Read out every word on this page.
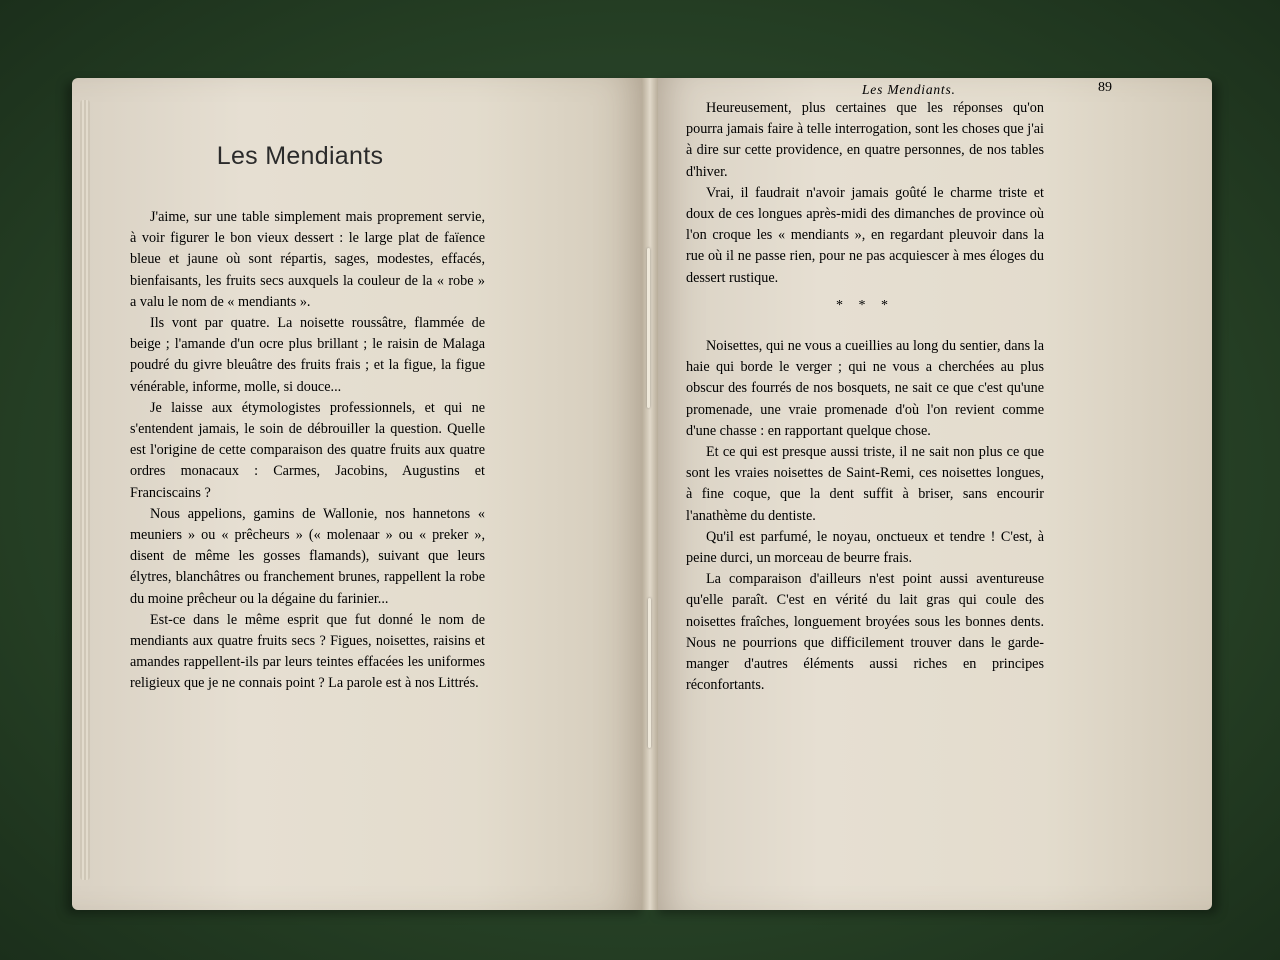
Les Mendiants

J'aime, sur une table simplement mais proprement servie, à voir figurer le bon vieux dessert : le large plat de faïence bleue et jaune où sont répartis, sages, modestes, effacés, bienfaisants, les fruits secs auxquels la couleur de la « robe » a valu le nom de « mendiants ».

Ils vont par quatre. La noisette roussâtre, flammée de beige ; l'amande d'un ocre plus brillant ; le raisin de Malaga poudré du givre bleuâtre des fruits frais ; et la figue, la figue vénérable, informe, molle, si douce...

Je laisse aux étymologistes professionnels, et qui ne s'entendent jamais, le soin de débrouiller la question. Quelle est l'origine de cette comparaison des quatre fruits aux quatre ordres monacaux : Carmes, Jacobins, Augustins et Franciscains ?

Nous appelions, gamins de Wallonie, nos hannetons « meuniers » ou « prêcheurs » (« molenaar » ou « preker », disent de même les gosses flamands), suivant que leurs élytres, blanchâtres ou franchement brunes, rappellent la robe du moine prêcheur ou la dégaine du farinier...

Est-ce dans le même esprit que fut donné le nom de mendiants aux quatre fruits secs ? Figues, noisettes, raisins et amandes rappellent-ils par leurs teintes effacées les uniformes religieux que je ne connais point ? La parole est à nos Littrés.

Les Mendiants.	89

Heureusement, plus certaines que les réponses qu'on pourra jamais faire à telle interrogation, sont les choses que j'ai à dire sur cette providence, en quatre personnes, de nos tables d'hiver.

Vrai, il faudrait n'avoir jamais goûté le charme triste et doux de ces longues après-midi des dimanches de province où l'on croque les « mendiants », en regardant pleuvoir dans la rue où il ne passe rien, pour ne pas acquiescer à mes éloges du dessert rustique.

* * *

Noisettes, qui ne vous a cueillies au long du sentier, dans la haie qui borde le verger ; qui ne vous a cherchées au plus obscur des fourrés de nos bosquets, ne sait ce que c'est qu'une promenade, une vraie promenade d'où l'on revient comme d'une chasse : en rapportant quelque chose.

Et ce qui est presque aussi triste, il ne sait non plus ce que sont les vraies noisettes de Saint-Remi, ces noisettes longues, à fine coque, que la dent suffit à briser, sans encourir l'anathème du dentiste.

Qu'il est parfumé, le noyau, onctueux et tendre ! C'est, à peine durci, un morceau de beurre frais.

La comparaison d'ailleurs n'est point aussi aventureuse qu'elle paraît. C'est en vérité du lait gras qui coule des noisettes fraîches, longuement broyées sous les bonnes dents. Nous ne pourrions que difficilement trouver dans le garde-manger d'autres éléments aussi riches en principes réconfortants.
